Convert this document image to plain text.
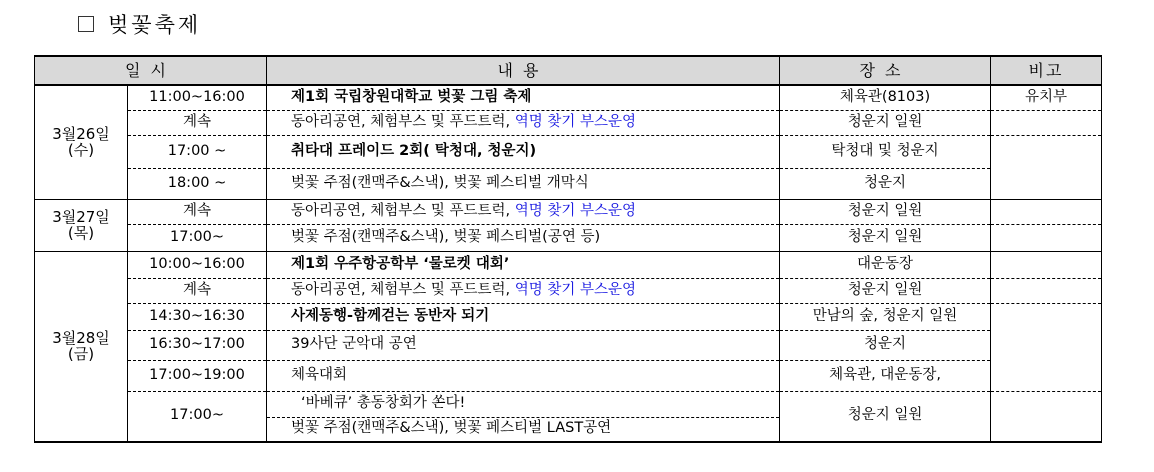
벚꽃축제
일시		내용	장소	비고

3월26일
(수)	11:00~16:00	제1회 국립창원대학교 벚꽃 그림 축제	체육관(8103)	유치부
	계속	동아리공연, 체험부스 및 푸드트럭, 역명 찾기 부스운영	청운지 일원	
	17:00 ~	취타대 프레이드 2회( 탁청대, 청운지)	탁청대 및 청운지	
	18:00 ~	벚꽃 주점(캔맥주&스낵), 벚꽃 페스티벌 개막식	청운지	

3월27일
(목)	계속	동아리공연, 체험부스 및 푸드트럭, 역명 찾기 부스운영	청운지 일원	
	17:00~	벚꽃 주점(캔맥주&스낵), 벚꽃 페스티벌(공연 등)	청운지 일원	

3월28일
(금)	10:00~16:00	제1회 우주항공학부 ‘물로켓 대회’	대운동장	
	계속	동아리공연, 체험부스 및 푸드트럭, 역명 찾기 부스운영	청운지 일원	
	14:30~16:30	사제동행-함께걷는 동반자 되기	만남의 숲, 청운지 일원	
	16:30~17:00	39사단 군악대 공연	청운지	
	17:00~19:00	체육대회	체육관, 대운동장,	
	17:00~	‘바베큐’ 총동창회가 쏜다!	청운지 일원	
		벚꽃 주점(캔맥주&스낵), 벚꽃 페스티벌 LAST공연		
